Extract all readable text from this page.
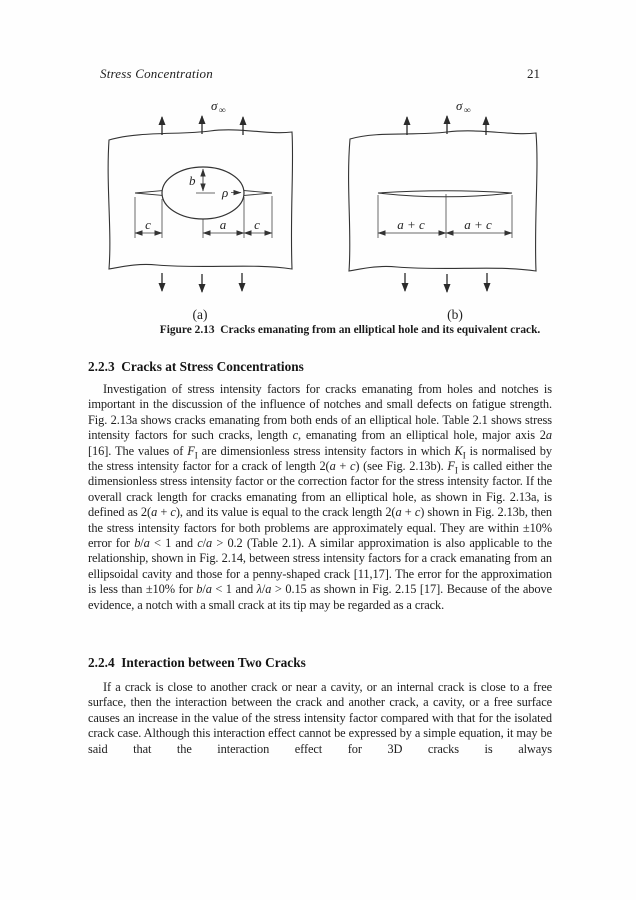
Stress Concentration	21
σ ∞
b
ρ
c	a c
(a)
σ ∞
a + c	a + c
(b)
Figure 2.13  Cracks emanating from an elliptical hole and its equivalent crack.
2.2.3  Cracks at Stress Concentrations

Investigation of stress intensity factors for cracks emanating from holes and notches is important in the discussion of the influence of notches and small defects on fatigue strength. Fig. 2.13a shows cracks emanating from both ends of an elliptical hole. Table 2.1 shows stress intensity factors for such cracks, length c, emanating from an elliptical hole, major axis 2a [16]. The values of $F_I$ are dimensionless stress intensity factors in which $K_I$ is normalised by the stress intensity factor for a crack of length 2(a + c) (see Fig. 2.13b). $F_I$ is called either the dimensionless stress intensity factor or the correction factor for the stress intensity factor. If the overall crack length for cracks emanating from an elliptical hole, as shown in Fig. 2.13a, is defined as 2(a + c), and its value is equal to the crack length 2(a + c) shown in Fig. 2.13b, then the stress intensity factors for both problems are approximately equal. They are within ±10% error for b/a < 1 and c/a > 0.2 (Table 2.1). A similar approximation is also applicable to the relationship, shown in Fig. 2.14, between stress intensity factors for a crack emanating from an ellipsoidal cavity and those for a penny-shaped crack [11,17]. The error for the approximation is less than ±10% for b/a < 1 and λ/a > 0.15 as shown in Fig. 2.15 [17]. Because of the above evidence, a notch with a small crack at its tip may be regarded as a crack.

2.2.4  Interaction between Two Cracks

If a crack is close to another crack or near a cavity, or an internal crack is close to a free surface, then the interaction between the crack and another crack, a cavity, or a free surface causes an increase in the value of the stress intensity factor compared with that for the isolated crack case. Although this interaction effect cannot be expressed by a simple equation, it may be said that the interaction effect for 3D cracks is always
